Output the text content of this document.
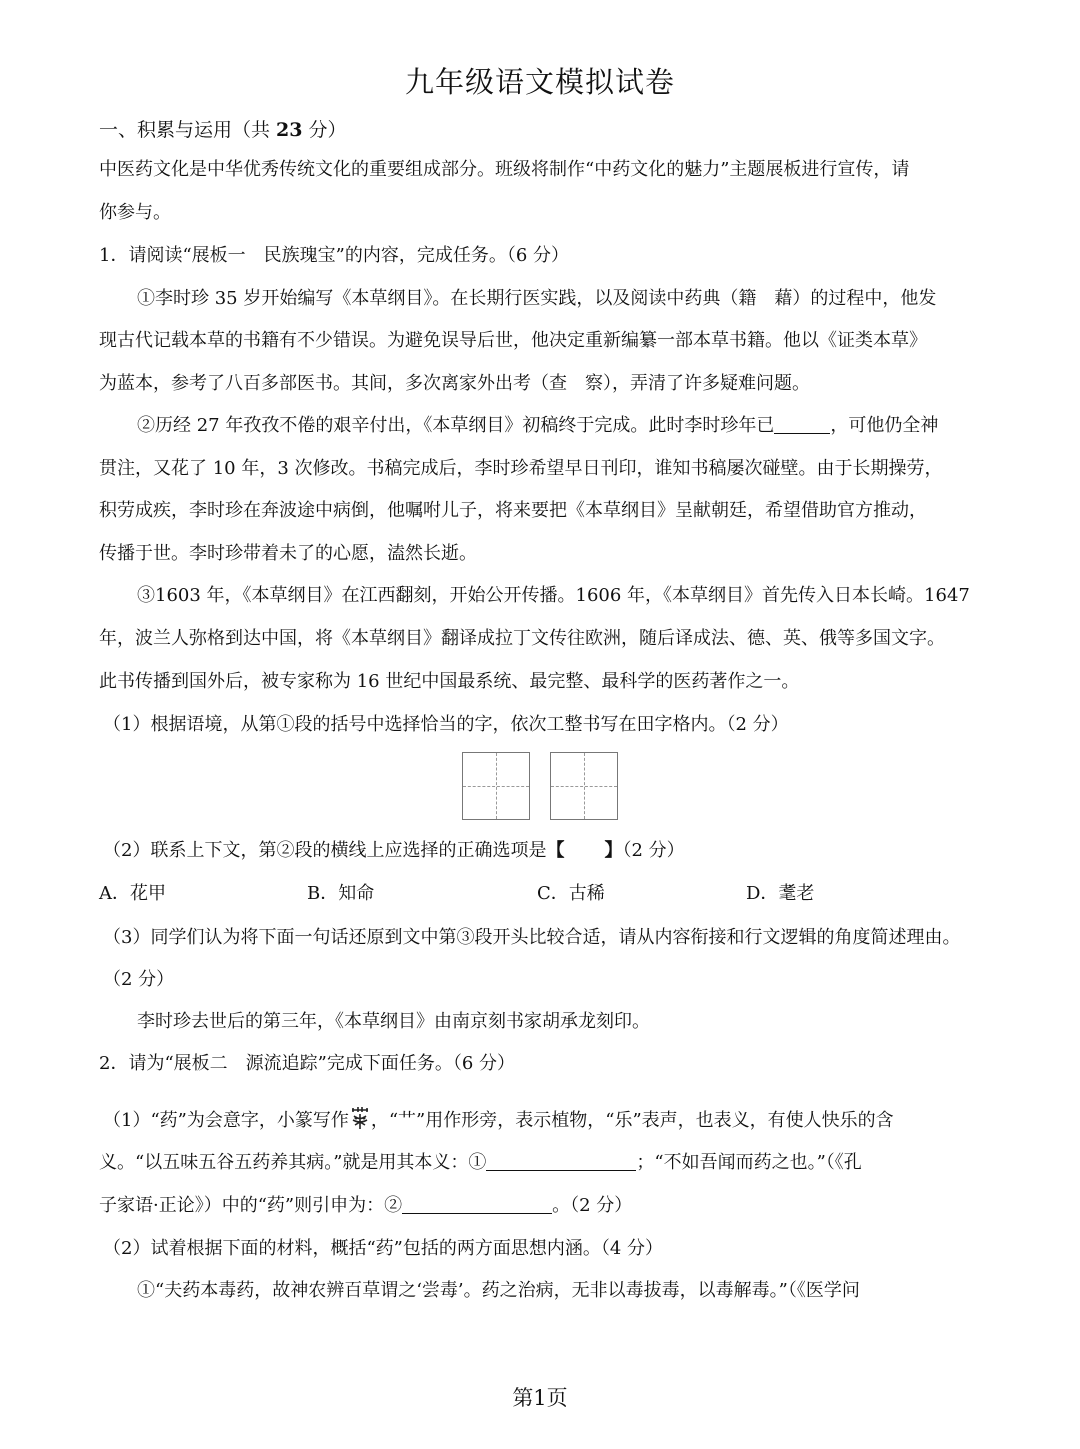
九年级语文模拟试卷
一、积累与运用（共 23 分）
中医药文化是中华优秀传统文化的重要组成部分。班级将制作“中药文化的魅力”主题展板进行宣传，请
你参与。
1．请阅读“展板一　民族瑰宝”的内容，完成任务。（6 分）
①李时珍 35 岁开始编写《本草纲目》。在长期行医实践，以及阅读中药典（籍　藉）的过程中，他发
现古代记载本草的书籍有不少错误。为避免误导后世，他决定重新编纂一部本草书籍。他以《证类本草》
为蓝本，参考了八百多部医书。其间，多次离家外出考（查　察），弄清了许多疑难问题。
②历经 27 年孜孜不倦的艰辛付出，《本草纲目》初稿终于完成。此时李时珍年已	，可他仍全神
贯注，又花了 10 年，3 次修改。书稿完成后，李时珍希望早日刊印，谁知书稿屡次碰壁。由于长期操劳，
积劳成疾，李时珍在奔波途中病倒，他嘱咐儿子，将来要把《本草纲目》呈献朝廷，希望借助官方推动，
传播于世。李时珍带着未了的心愿，溘然长逝。
③1603 年，《本草纲目》在江西翻刻，开始公开传播。1606 年，《本草纲目》首先传入日本长崎。1647
年，波兰人弥格到达中国，将《本草纲目》翻译成拉丁文传往欧洲，随后译成法、德、英、俄等多国文字。
此书传播到国外后，被专家称为 16 世纪中国最系统、最完整、最科学的医药著作之一。
（1）根据语境，从第①段的括号中选择恰当的字，依次工整书写在田字格内。（2 分）
（2）联系上下文，第②段的横线上应选择的正确选项是【 】（2 分）
A．花甲	B．知命	C．古稀	D．耄老
（3）同学们认为将下面一句话还原到文中第③段开头比较合适，请从内容衔接和行文逻辑的角度简述理由。
（2 分）
李时珍去世后的第三年，《本草纲目》由南京刻书家胡承龙刻印。
2．请为“展板二　源流追踪”完成下面任务。（6 分）
（1）“药”为会意字，小篆写作 ，“艹”用作形旁，表示植物，“乐”表声，也表义，有使人快乐的含
义。“以五味五谷五药养其病。”就是用其本义：①	；“不如吾闻而药之也。”（《孔
子家语·正论》）中的“药”则引申为：②	。（2 分）
（2）试着根据下面的材料，概括“药”包括的两方面思想内涵。（4 分）
①“夫药本毒药，故神农辨百草谓之‘尝毒’。药之治病，无非以毒拔毒，以毒解毒。”（《医学问
第1页
